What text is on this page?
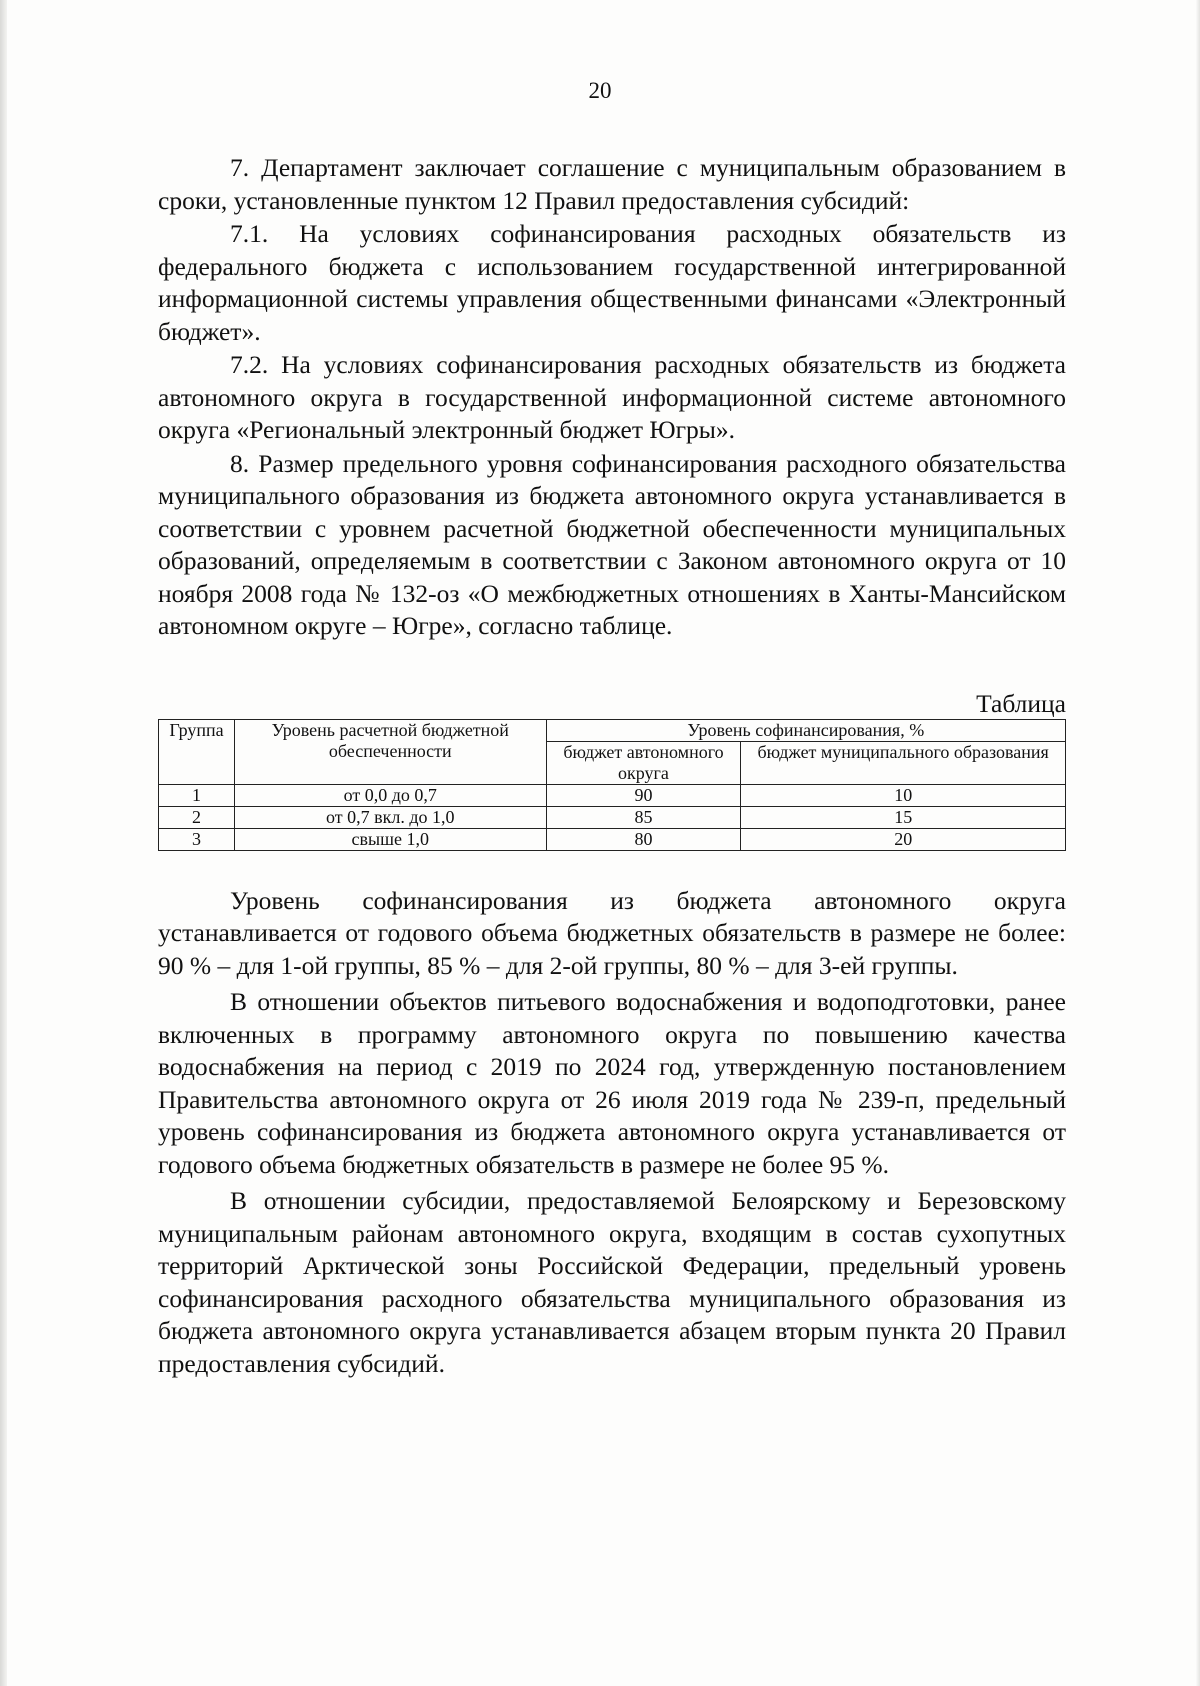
20

7. Департамент заключает соглашение с муниципальным образованием в сроки, установленные пунктом 12 Правил предоставления субсидий:

7.1. На условиях софинансирования расходных обязательств из федерального бюджета с использованием государственной интегрированной информационной системы управления общественными финансами «Электронный бюджет».

7.2. На условиях софинансирования расходных обязательств из бюджета автономного округа в государственной информационной системе автономного округа «Региональный электронный бюджет Югры».

8. Размер предельного уровня софинансирования расходного обязательства муниципального образования из бюджета автономного округа устанавливается в соответствии с уровнем расчетной бюджетной обеспеченности муниципальных образований, определяемым в соответствии с Законом автономного округа от 10 ноября 2008 года № 132-оз «О межбюджетных отношениях в Ханты-Мансийском автономном округе – Югре», согласно таблице.

Таблица
Группа	Уровень расчетной бюджетной обеспеченности	Уровень софинансирования, %	
		бюджет автономного округа	бюджет муниципального образования
1	от 0,0 до 0,7	90	10
2	от 0,7 вкл. до 1,0	85	15
3	свыше 1,0	80	20

Уровень софинансирования из бюджета автономного округа устанавливается от годового объема бюджетных обязательств в размере не более: 90 % – для 1-ой группы, 85 % – для 2-ой группы, 80 % – для 3-ей группы.

В отношении объектов питьевого водоснабжения и водоподготовки, ранее включенных в программу автономного округа по повышению качества водоснабжения на период с 2019 по 2024 год, утвержденную постановлением Правительства автономного округа от 26 июля 2019 года № 239-п, предельный уровень софинансирования из бюджета автономного округа устанавливается от годового объема бюджетных обязательств в размере не более 95 %.

В отношении субсидии, предоставляемой Белоярскому и Березовскому муниципальным районам автономного округа, входящим в состав сухопутных территорий Арктической зоны Российской Федерации, предельный уровень софинансирования расходного обязательства муниципального образования из бюджета автономного округа устанавливается абзацем вторым пункта 20 Правил предоставления субсидий.
